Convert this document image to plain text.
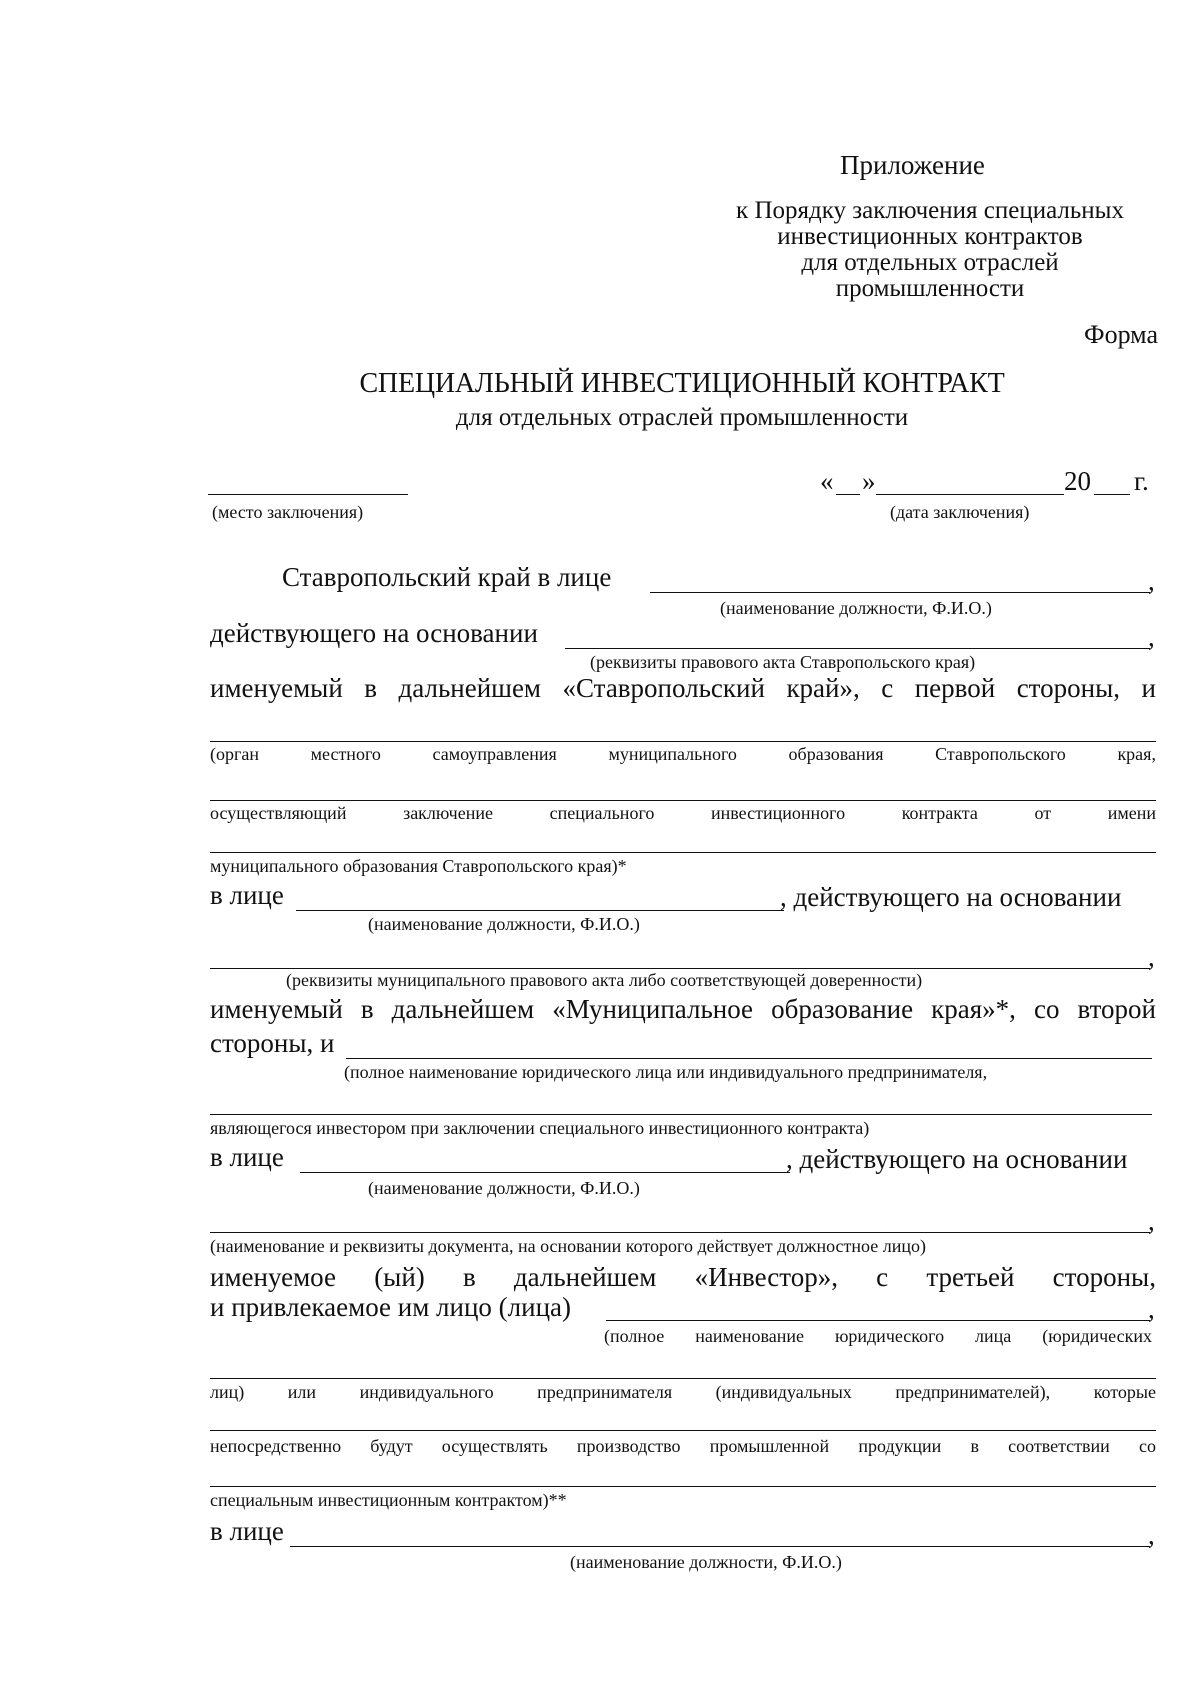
Приложение
к Порядку заключения специальных
инвестиционных контрактов
для отдельных отраслей
промышленности
Форма
СПЕЦИАЛЬНЫЙ ИНВЕСТИЦИОННЫЙ КОНТРАКТ
для отдельных отраслей промышленности
(место заключения)
« »	20 г.
(дата заключения)
Ставропольский край в лице	,
(наименование должности, Ф.И.О.)
действующего на основании	,
(реквизиты правового акта Ставропольского края)
именуемый в дальнейшем «Ставропольский край», с первой стороны, и
(орган	местного	самоуправления	муниципального	образования	Ставропольского	края,
осуществляющий	заключение	специального	инвестиционного	контракта	от	имени
муниципального образования Ставропольского края)*
в лице	, действующего на основании
(наименование должности, Ф.И.О.)
,
(реквизиты муниципального правового акта либо соответствующей доверенности)
именуемый в дальнейшем «Муниципальное образование края»*, со второй
стороны, и
(полное наименование юридического лица или индивидуального предпринимателя,
являющегося инвестором при заключении специального инвестиционного контракта)
в лице	, действующего на основании
(наименование должности, Ф.И.О.)
,
(наименование и реквизиты документа, на основании которого действует должностное лицо)
именуемое (ый) в дальнейшем «Инвестор», с третьей стороны,
и привлекаемое им лицо (лица)	,
(полное наименование юридического лица (юридических
лиц) или индивидуального предпринимателя (индивидуальных предпринимателей), которые
непосредственно будут осуществлять производство промышленной продукции в соответствии со
специальным инвестиционным контрактом)**
в лице	,
(наименование должности, Ф.И.О.)
